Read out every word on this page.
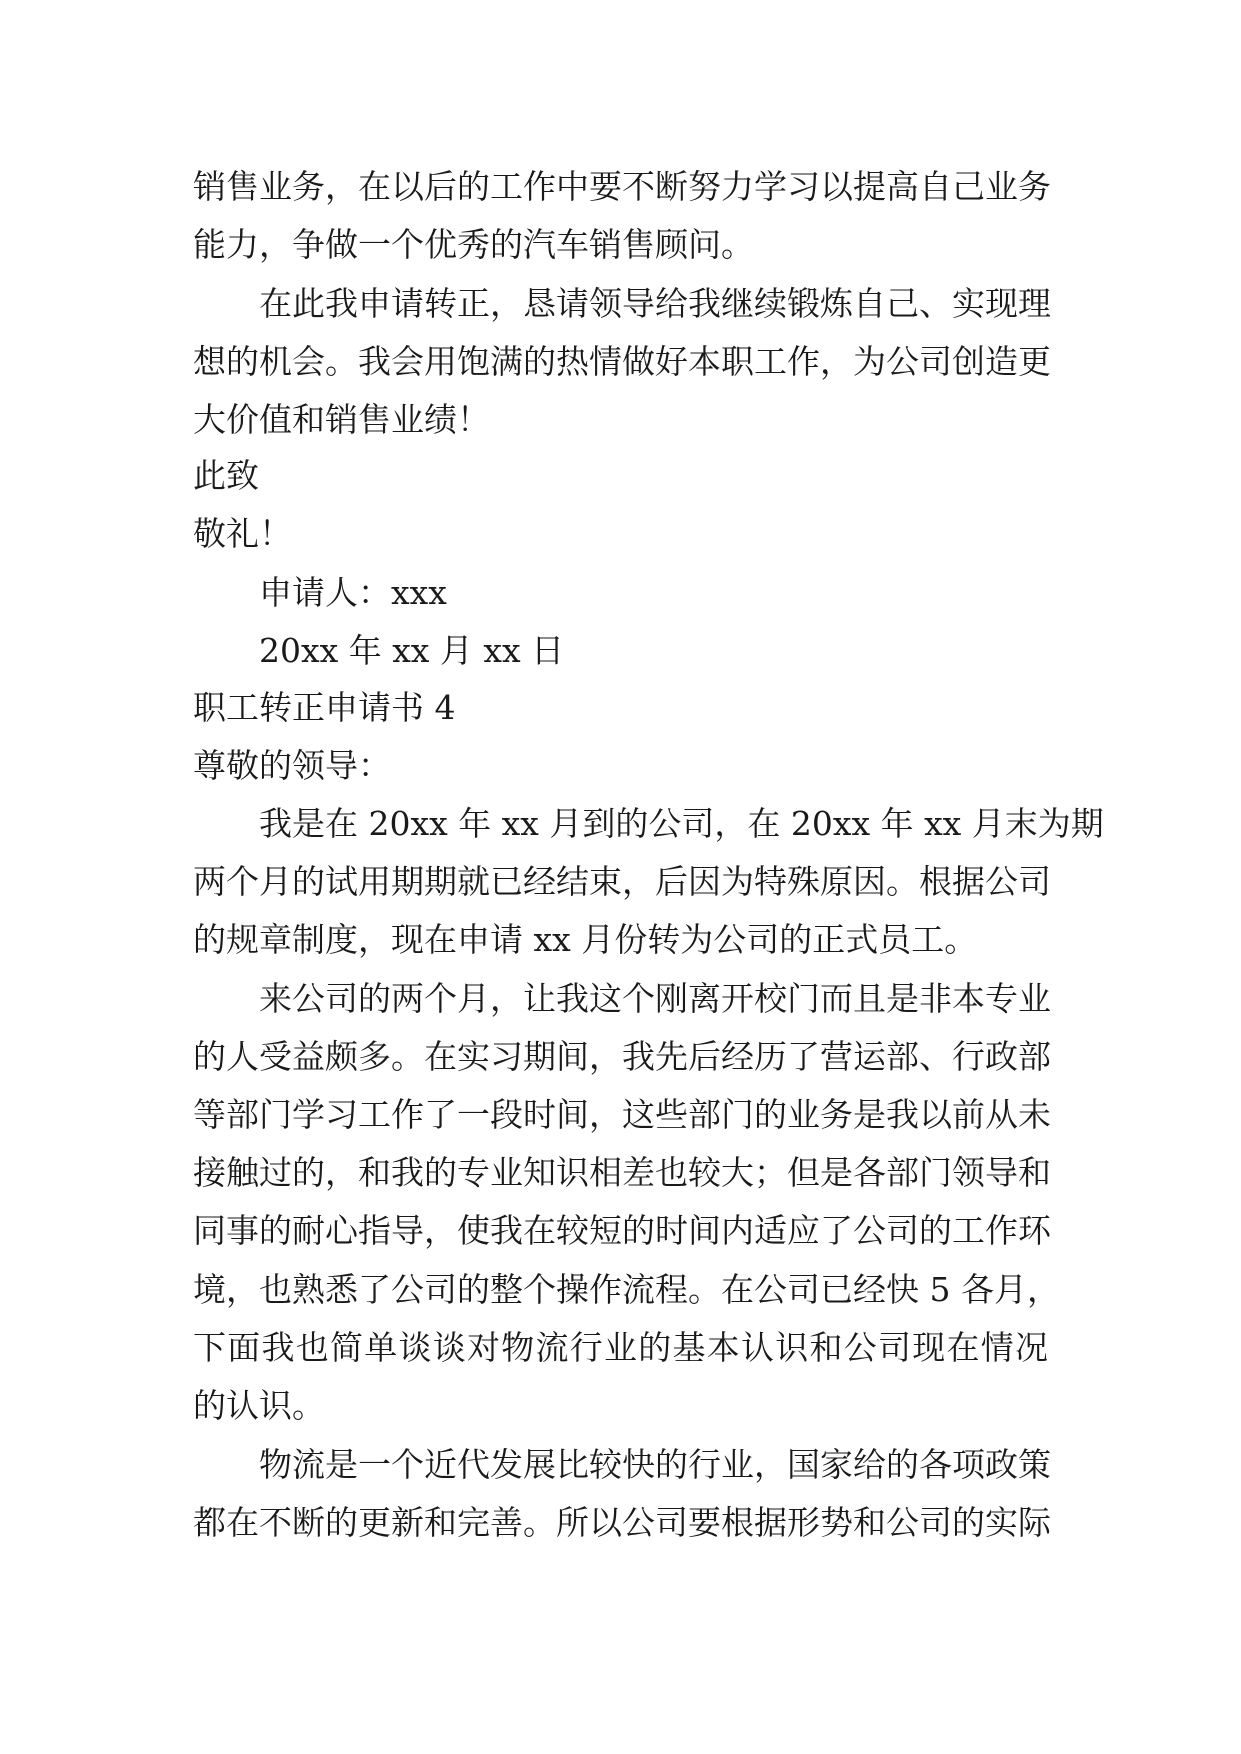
销售业务，在以后的工作中要不断努力学习以提高自己业务

能力，争做一个优秀的汽车销售顾问。

在此我申请转正，恳请领导给我继续锻炼自己、实现理

想的机会。我会用饱满的热情做好本职工作，为公司创造更

大价值和销售业绩！

此致

敬礼！

申请人：xxx

20xx 年 xx 月 xx 日

职工转正申请书 4

尊敬的领导：

我是在 20xx 年 xx 月到的公司，在 20xx 年 xx 月末为期

两个月的试用期期就已经结束，后因为特殊原因。根据公司

的规章制度，现在申请 xx 月份转为公司的正式员工。

来公司的两个月，让我这个刚离开校门而且是非本专业

的人受益颇多。在实习期间，我先后经历了营运部、行政部

等部门学习工作了一段时间，这些部门的业务是我以前从未

接触过的，和我的专业知识相差也较大；但是各部门领导和

同事的耐心指导，使我在较短的时间内适应了公司的工作环

境，也熟悉了公司的整个操作流程。在公司已经快 5 各月，

下面我也简单谈谈对物流行业的基本认识和公司现在情况

的认识。

物流是一个近代发展比较快的行业，国家给的各项政策

都在不断的更新和完善。所以公司要根据形势和公司的实际
